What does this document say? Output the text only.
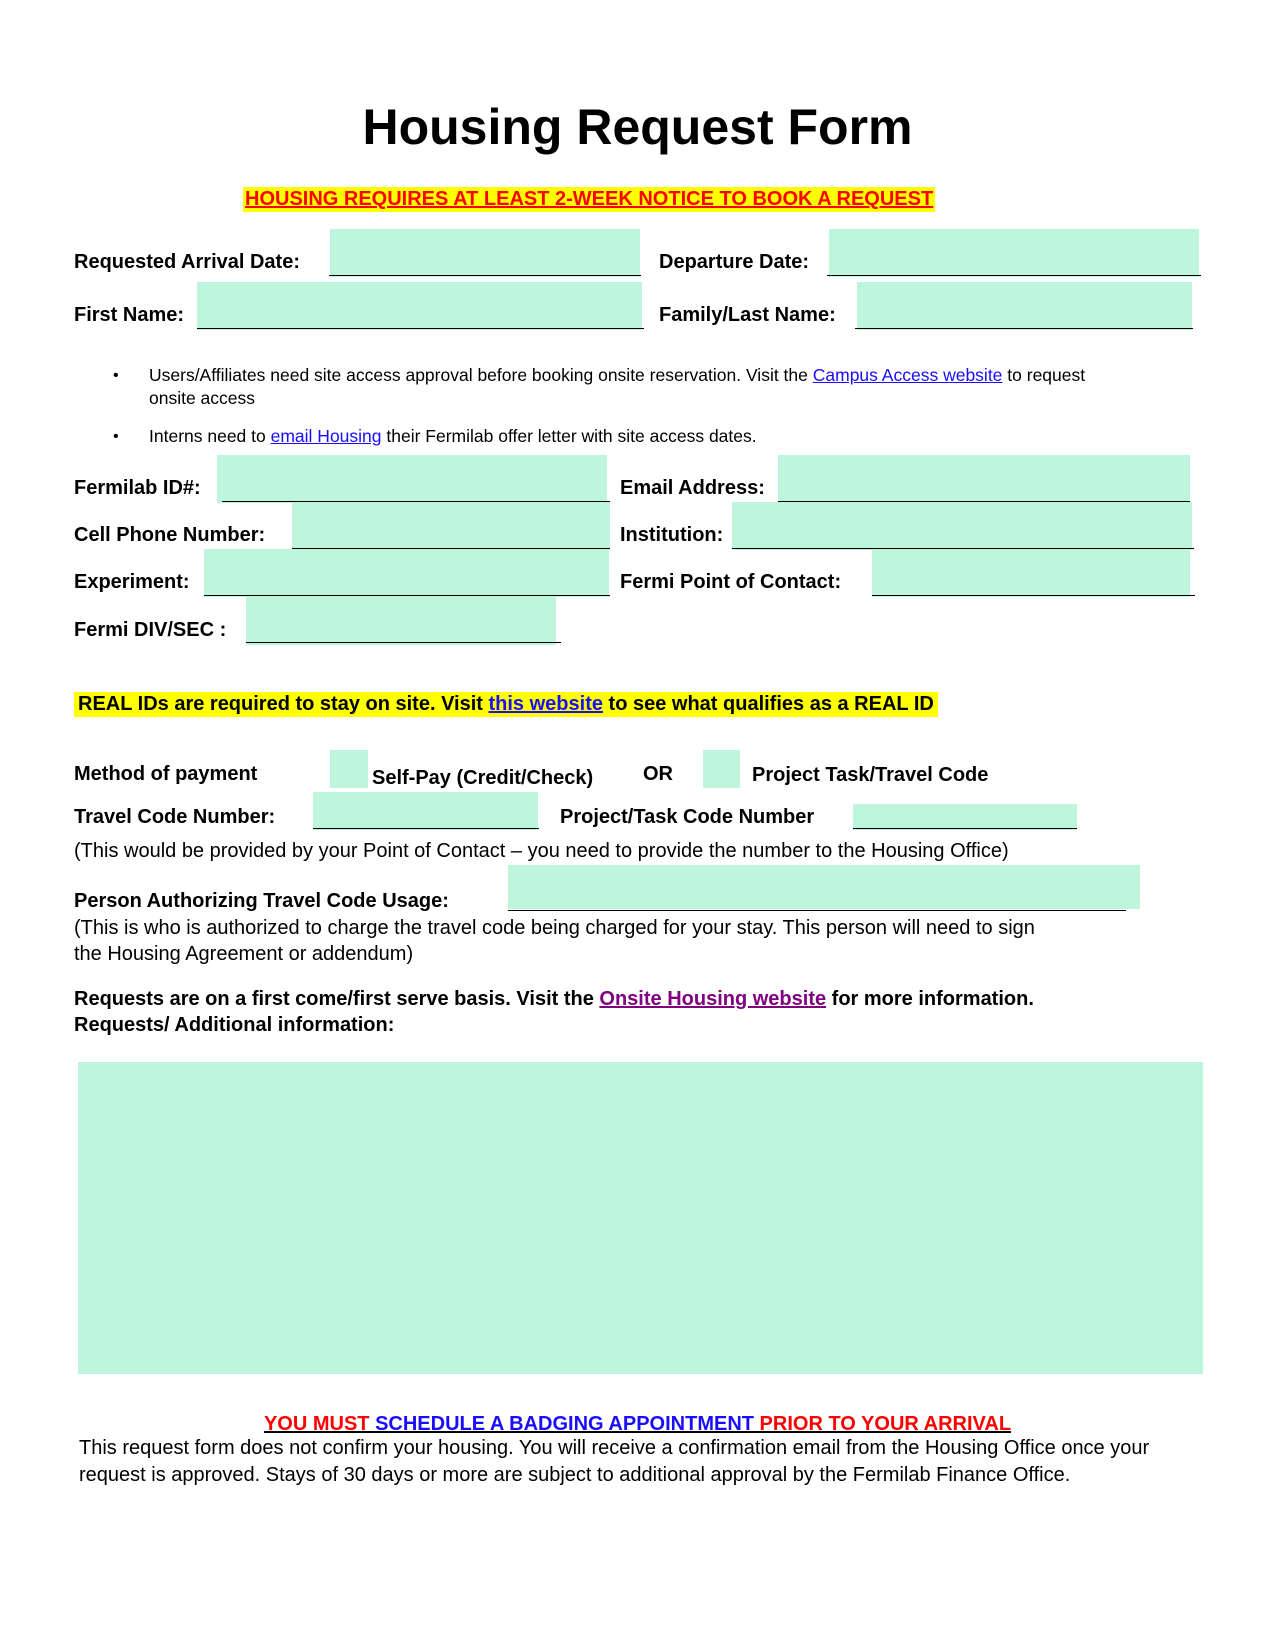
Housing Request Form
HOUSING REQUIRES AT LEAST 2-WEEK NOTICE TO BOOK A REQUEST
Requested Arrival Date:	Departure Date:
First Name:	Family/Last Name:
• Users/Affiliates need site access approval before booking onsite reservation. Visit the Campus Access website to request
onsite access
• Interns need to email Housing their Fermilab offer letter with site access dates.
Fermilab ID#:	Email Address:
Cell Phone Number:	Institution:
Experiment:	Fermi Point of Contact:
Fermi DIV/SEC :
REAL IDs are required to stay on site. Visit this website to see what qualifies as a REAL ID
Method of payment	Self-Pay (Credit/Check) OR	Project Task/Travel Code
Travel Code Number:	Project/Task Code Number
(This would be provided by your Point of Contact – you need to provide the number to the Housing Office)
Person Authorizing Travel Code Usage:
(This is who is authorized to charge the travel code being charged for your stay. This person will need to sign
the Housing Agreement or addendum)
Requests are on a first come/first serve basis. Visit the Onsite Housing website for more information.
Requests/ Additional information:
YOU MUST SCHEDULE A BADGING APPOINTMENT PRIOR TO YOUR ARRIVAL
This request form does not confirm your housing. You will receive a confirmation email from the Housing Office once your request is approved. Stays of 30 days or more are subject to additional approval by the Fermilab Finance Office.
